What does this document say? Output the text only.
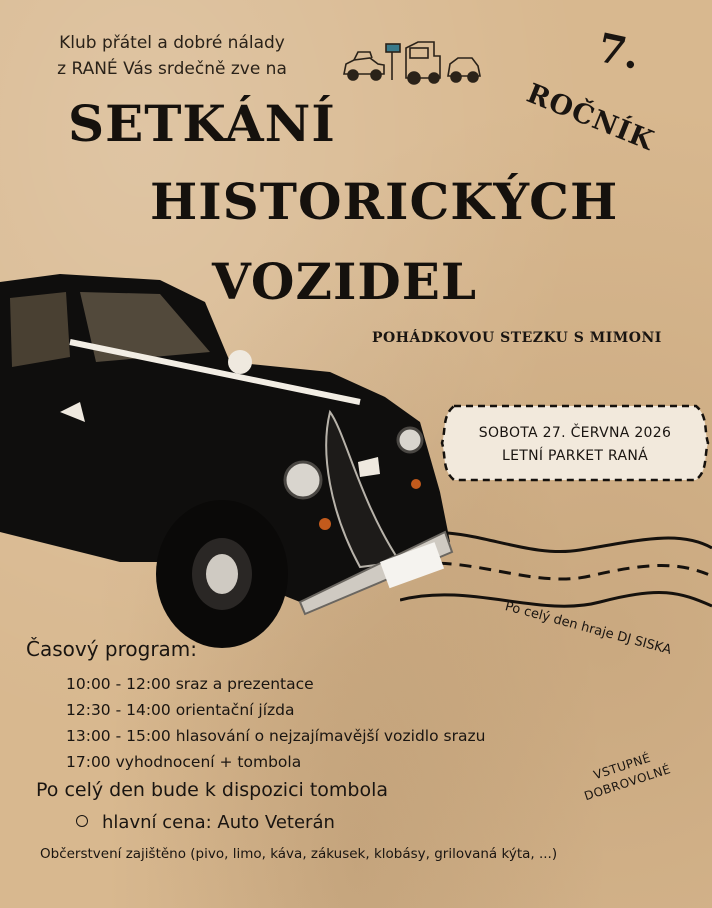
Klub přátel a dobré nálady
z RANÉ Vás srdečně zve na	7.
ROČNÍK
SETKÁNÍ
HISTORICKÝCH
VOZIDEL
POHÁDKOVOU STEZKU S MIMONI
SOBOTA 27. ČERVNA 2026
LETNÍ PARKET RANÁ
Po celý den hraje DJ SISKA
VSTUPNÉ DOBROVOLNÉ
Časový program:
10:00 - 12:00 sraz a prezentace
12:30 - 14:00 orientační jízda
13:00 - 15:00 hlasování o nejzajímavější vozidlo srazu
17:00 vyhodnocení + tombola
Po celý den bude k dispozici tombola
hlavní cena: Auto Veterán
Občerstvení zajištěno (pivo, limo, káva, zákusek, klobásy, grilovaná kýta, ...)
